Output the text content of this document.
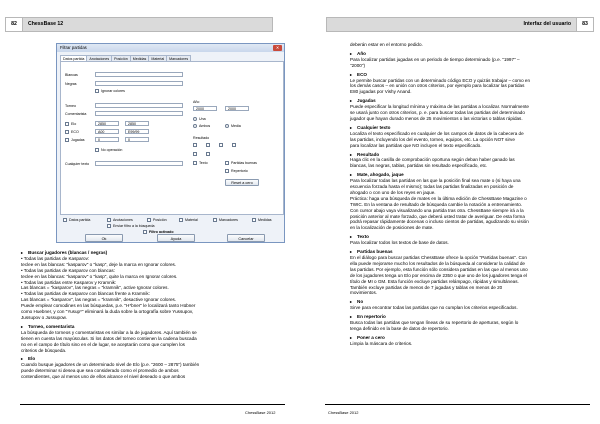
82	ChessBase 12
Filtrar partidas	✕
Datos partida Anotaciones Posición Medidas Material Marcadores
Blancas
Negras
Ignorar colores
Torneo
Comentarista
Elo	2850	2850
ECO	A00	E99/99
Jugadas	0	0
No operación
Cualquier texto
Año
2000	2000
Una
Ambos	Media
Resultado
Texto	Partidas buenas
Repertorio
Reset a cero
Datos partida	Anotaciones	Posición	Material	Marcadores	Medidas
Enviar filtro a la búsqueda
Filtro activado
Ok	Ayuda	Cancelar

▸ Buscar jugadores (blancas / negras)

• Todas las partidas de Kasparov:

teclee en las blancas: "kasparov" o "kasp", deje la marca en Ignorar colores.

• Todas las partidas de Kasparov con blancas:

teclee en las blancas: "kasparov" o "kasp", quite la marca en Ignorar colores.

• Todas las partidas entre Kasparov y Kramnik:

Las blancas = "kasparov", las negras = "kramnik", active Ignorar colores.

• Todas las partidas de Kasparov con blancas frente a Kramnik:

Las blancas = "kasparov", las negras = "kramnik", desactive Ignorar colores.

Puede emplear comodines en las búsquedas, p.e. "H*bner" le localizará tanto Hübner

como Huebner, y con "Yusup*" eliminará la duda sobre la ortografía sobre Yussupov,

Jussupov o Jussupow.

▸ Torneo, comentarista

La búsqueda de torneos y comentaristas es similar a la de jugadores. Aquí también se

tienen en cuenta las mayúsculas. Si los datos del torneo contienen la cadena buscada

no en el campo de título sino en el de lugar, se aceptarán como que cumplen los

criterios de búsqueda.

▸ Elo

Cuando busque jugadores de un determinado nivel de Elo (p.e. "2600 – 2875") también

puede determinar si desea que sea considerado como el promedio de ambos

contendientes, que al menos uno de ellos alcance el nivel deseado o que ambos

ChessBase 2012
Interfaz del usuario	83

deberán estar en el entorno pedido.

▸ Año

Para localizar partidas jugadas en un periodo de tiempo determinado (p.e. "1997" –

"2000")

▸ ECO

Le permite buscar partidas con un determinado código ECO y quizás trabajar – como en

los demás casos – en unión con otros criterios, por ejemplo para localizar las partidas

E80 jugadas por Vishy Anand.

▸ Jugadas

Puede especificar la longitud mínima y máxima de las partidas a localizar. Normalmente

se usará junto con otros criterios, p. e. para buscar todas las partidas del determinado

jugador que hayan durado menos de 25 movimientos o las victorias o tablas rápidas.

▸ Cualquier texto

Localiza el texto especificado en cualquier de los campos de datos de la cabecera de

las partidas, incluyendo los del evento, torneo, equipos, etc. La opción NOT sirve

para localizar las partidas que NO incluyen el texto especificado.

▸ Resultado

Haga clic en la casilla de comprobación oportuna según deban haber ganado las

blancas, las negras, tablas, partidas sin resultado especificado, etc.

▸ Mate, ahogado, jaque

Para localizar todas las partidas en las que la posición final sea mate o (si haya una

escuencia forzada hasta el mismo); todas las partidas finalizadas en posición de

ahogado o con uno de los reyes en jaque.

Práctica: haga una búsqueda de mates en la última edición de ChessBase Magazine o

TWIC. En la ventana de resultado de búsqueda cambie la notación a entrenamiento.

Con cursor abajo vaya visualizando una partida tras otra. ChessBase siempre irá a la

posición anterior al mate forzado, que deberá usted tratar de averiguar. De esta forma

podrá repasar rápidamente docenas o incluso cientos de partidas, agudizando su visión

en la localización de posiciones de mate.

▸ Texto

Para localizar todos los textos de base de datos.

▸ Partidas buenas

En el diálogo para buscar partidas ChessBase ofrece la opción "Partidas buenas". Con

ella puede mejorarse mucho los resultados de la búsqueda al considerar la calidad de

las partidas. Por ejemplo, esta función sólo considera partidas en las que al menos uno

de los jugadores tenga un Elo por encima de 2350 o que uno de los jugadores tenga el

título de MI o GM. Esta función excluye partidas relámpago, rápidas y simultáneas.

También excluye partidas de menos de 7 jugadas y tablas en menos de 20

movimientos.

▸ No

Sirve para encontrar todas las partidas que no cumplan los criterios especificados.

▸ En repertorio

Busca todas las partidas que tengan líneas de su repertorio de aperturas, según lo

tenga definido en la base de datos de repertorio.

▸ Poner a cero

Limpia la máscara de criterios.

ChessBase 2012
